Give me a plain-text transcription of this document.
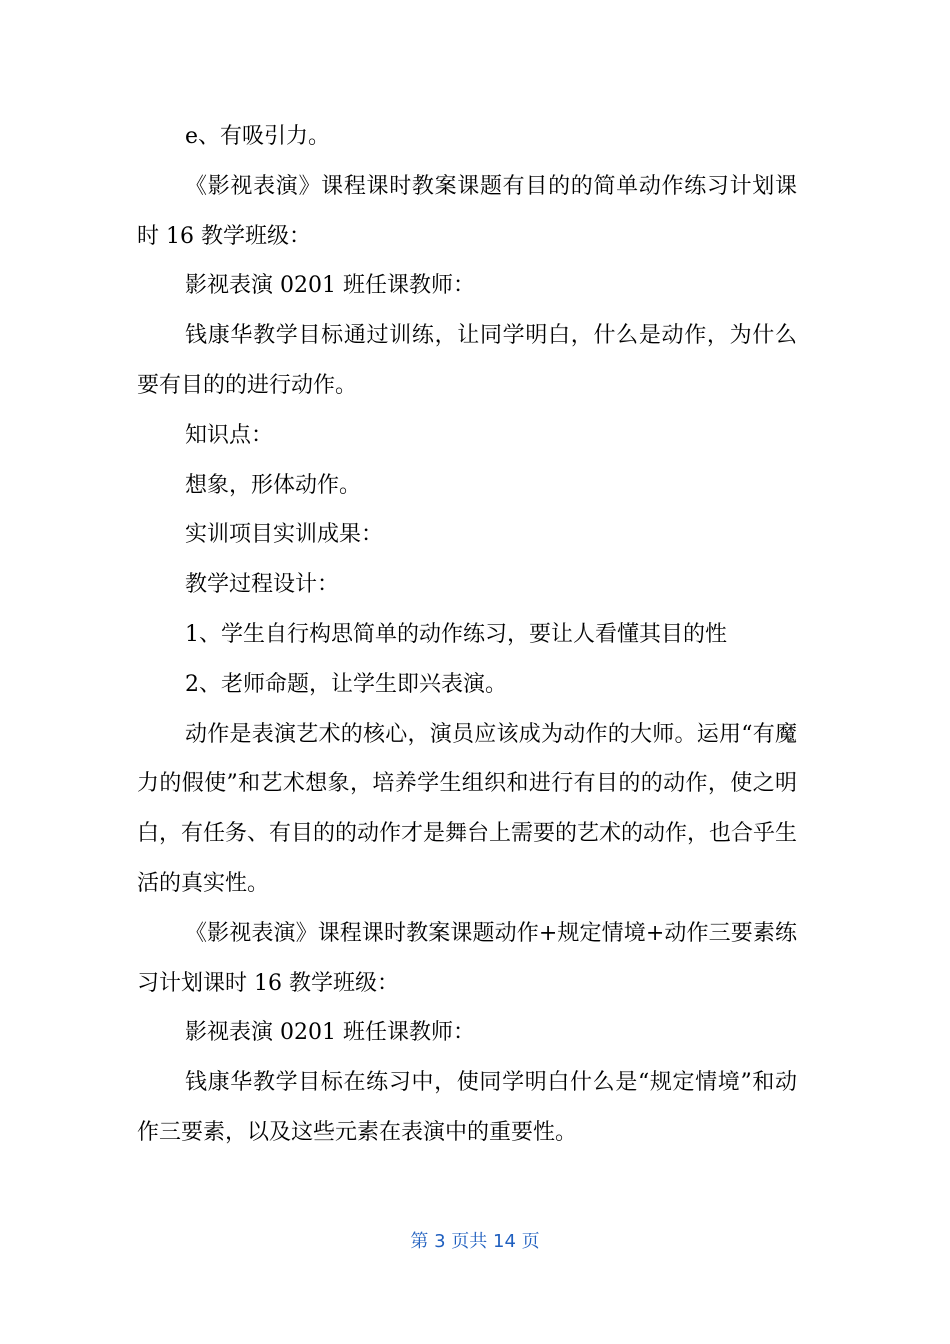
e、有吸引力。

《影视表演》课程课时教案课题有目的的简单动作练习计划课时 16 教学班级：

影视表演 0201 班任课教师：

钱康华教学目标通过训练，让同学明白，什么是动作，为什么要有目的的进行动作。

知识点：

想象，形体动作。

实训项目实训成果：

教学过程设计：

1、学生自行构思简单的动作练习，要让人看懂其目的性

2、老师命题，让学生即兴表演。

动作是表演艺术的核心，演员应该成为动作的大师。运用“有魔力的假使”和艺术想象，培养学生组织和进行有目的的动作，使之明白，有任务、有目的的动作才是舞台上需要的艺术的动作，也合乎生活的真实性。

《影视表演》课程课时教案课题动作+规定情境+动作三要素练习计划课时 16 教学班级：

影视表演 0201 班任课教师：

钱康华教学目标在练习中，使同学明白什么是“规定情境”和动作三要素，以及这些元素在表演中的重要性。

第 3 页共 14 页
